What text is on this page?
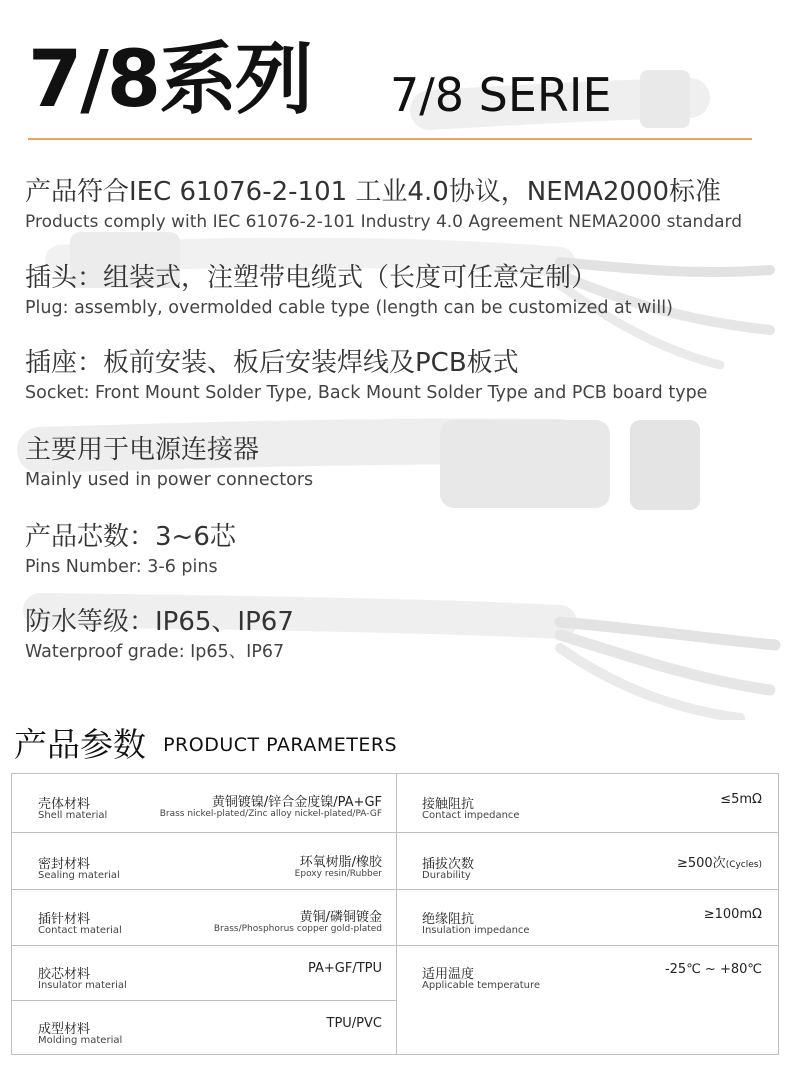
7/8系列 7/8 SERIE
产品符合IEC 61076-2-101 工业4.0协议，NEMA2000标准
Products comply with IEC 61076-2-101 Industry 4.0 Agreement NEMA2000 standard
插头：组装式，注塑带电缆式（长度可任意定制）
Plug: assembly, overmolded cable type (length can be customized at will)
插座：板前安装、板后安装焊线及PCB板式
Socket: Front Mount Solder Type, Back Mount Solder Type and PCB board type
主要用于电源连接器
Mainly used in power connectors
产品芯数：3~6芯
Pins Number: 3-6 pins
防水等级：IP65、IP67
Waterproof grade: Ip65、IP67
产品参数 PRODUCT PARAMETERS
壳体材料
Shell material
黄铜镀镍/锌合金度镍/PA+GF
Brass nickel-plated/Zinc alloy nickel-plated/PA-GF
密封材料
Sealing material
环氧树脂/橡胶
Epoxy resin/Rubber
插针材料
Contact material
黄铜/磷铜镀金
Brass/Phosphorus copper gold-plated
胶芯材料
Insulator material
PA+GF/TPU
成型材料
Molding material
TPU/PVC
接触阻抗
Contact impedance
≤5mΩ
插拔次数
Durability
≥500次(Cycles)
绝缘阻抗
Insulation impedance
≥100mΩ
适用温度
Applicable temperature
-25℃ ~ +80℃
